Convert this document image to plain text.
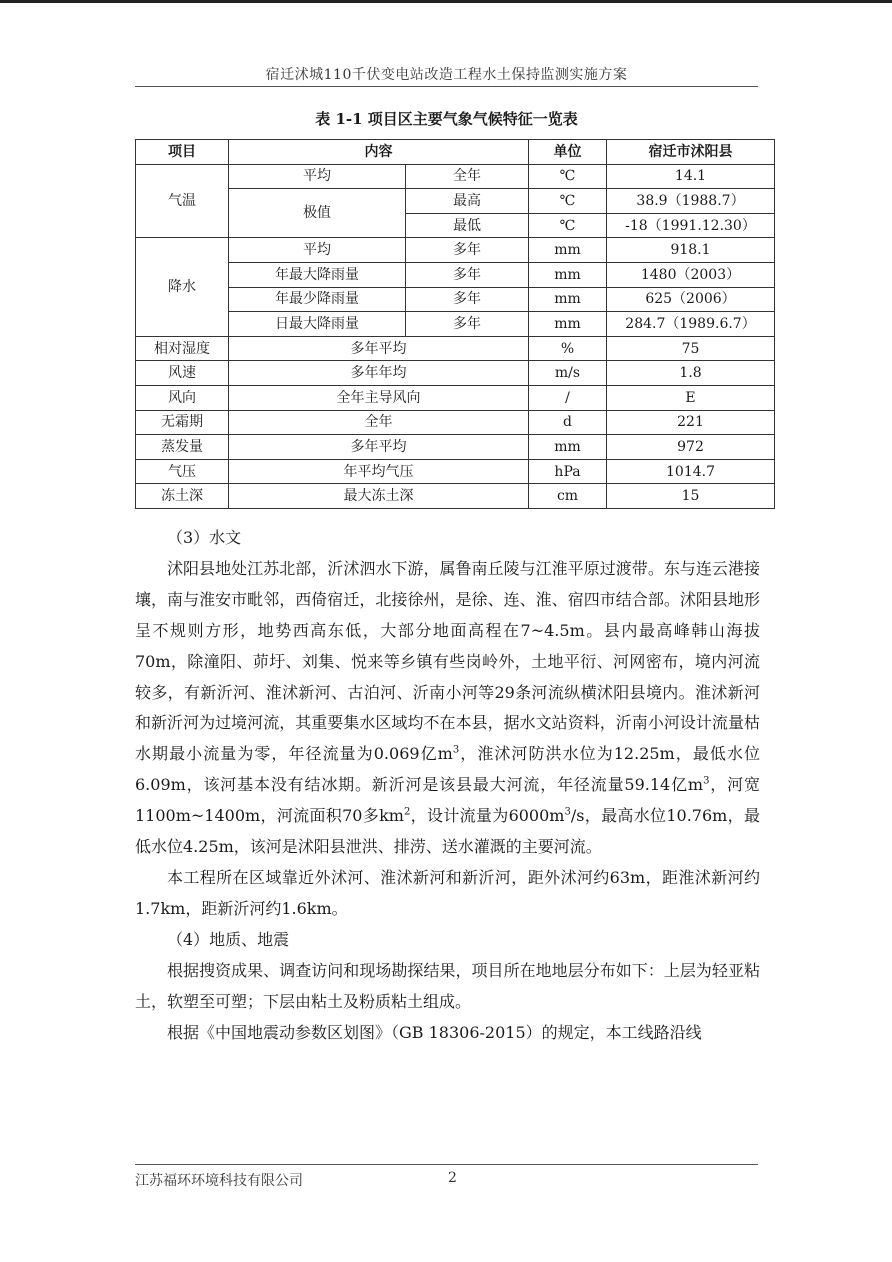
宿迁沭城110千伏变电站改造工程水土保持监测实施方案
表 1-1 项目区主要气象气候特征一览表
项目	内容		单位	宿迁市沭阳县
气温	平均	全年	℃	14.1
	极值	最高	℃	38.9（1988.7）
		最低	℃	-18（1991.12.30）
降水	平均	多年	mm	918.1
	年最大降雨量	多年	mm	1480（2003）
	年最少降雨量	多年	mm	625（2006）
	日最大降雨量	多年	mm	284.7（1989.6.7）
相对湿度	多年平均		%	75
风速	多年年均		m/s	1.8
风向	全年主导风向		/	E
无霜期	全年		d	221
蒸发量	多年平均		mm	972
气压	年平均气压		hPa	1014.7
冻土深	最大冻土深		cm	15

（3）水文

沭阳县地处江苏北部，沂沭泗水下游，属鲁南丘陵与江淮平原过渡带。东与连云港接壤，南与淮安市毗邻，西倚宿迁，北接徐州，是徐、连、淮、宿四市结合部。沭阳县地形呈不规则方形，地势西高东低，大部分地面高程在7~4.5m。县内最高峰韩山海拔70m，除潼阳、茆圩、刘集、悦来等乡镇有些岗岭外，土地平衍、河网密布，境内河流较多，有新沂河、淮沭新河、古泊河、沂南小河等29条河流纵横沭阳县境内。淮沭新河和新沂河为过境河流，其重要集水区域均不在本县，据水文站资料，沂南小河设计流量枯水期最小流量为零，年径流量为0.069亿$m^3$，淮沭河防洪水位为12.25m，最低水位6.09m，该河基本没有结冰期。新沂河是该县最大河流，年径流量59.14亿$m^3$，河宽1100m~1400m，河流面积70多$km^2$，设计流量为$6000m^3/s$，最高水位10.76m，最低水位4.25m，该河是沭阳县泄洪、排涝、送水灌溉的主要河流。

本工程所在区域靠近外沭河、淮沭新河和新沂河，距外沭河约63m，距淮沭新河约1.7km，距新沂河约1.6km。

（4）地质、地震

根据搜资成果、调查访问和现场勘探结果，项目所在地地层分布如下：上层为轻亚粘土，软塑至可塑；下层由粘土及粉质粘土组成。

根据《中国地震动参数区划图》（GB 18306-2015）的规定，本工线路沿线

江苏福环环境科技有限公司	2
